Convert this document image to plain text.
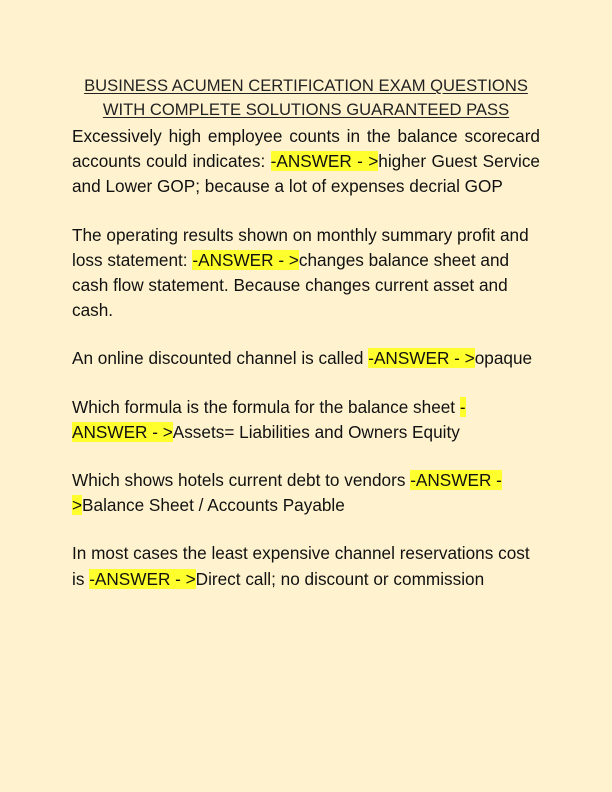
BUSINESS ACUMEN CERTIFICATION EXAM QUESTIONS
WITH COMPLETE SOLUTIONS GUARANTEED PASS

Excessively high employee counts in the balance scorecard accounts could indicates: -ANSWER - >higher Guest Service and Lower GOP; because a lot of expenses decrial GOP

The operating results shown on monthly summary profit and loss statement: -ANSWER - >changes balance sheet and cash flow statement. Because changes current asset and cash.

An online discounted channel is called -ANSWER - >opaque

Which formula is the formula for the balance sheet -ANSWER - >Assets= Liabilities and Owners Equity

Which shows hotels current debt to vendors -ANSWER - >Balance Sheet / Accounts Payable

In most cases the least expensive channel reservations cost is -ANSWER - >Direct call; no discount or commission
